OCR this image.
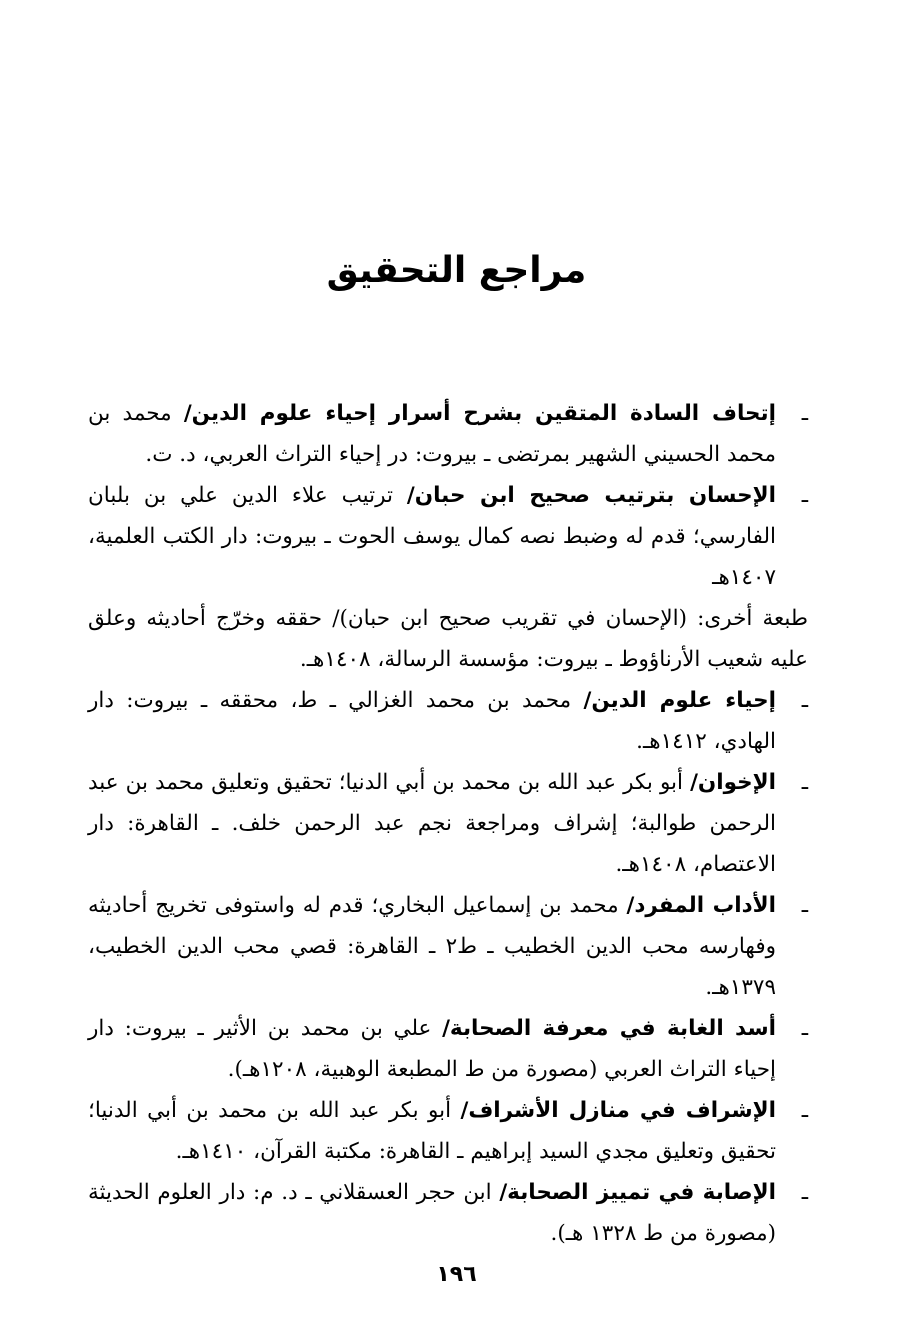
مراجع التحقيق

ـ
إتحاف السادة المتقين بشرح أسرار إحياء علوم الدين/ محمد بن محمد الحسيني الشهير بمرتضى ـ بيروت: در إحياء التراث العربي، د. ت.

ـ
الإحسان بترتيب صحيح ابن حبان/ ترتيب علاء الدين علي بن بلبان الفارسي؛ قدم له وضبط نصه كمال يوسف الحوت ـ بيروت: دار الكتب العلمية، ١٤٠٧هـ

طبعة أخرى: (الإحسان في تقريب صحيح ابن حبان)/ حققه وخرّج أحاديثه وعلق عليه شعيب الأرناؤوط ـ بيروت: مؤسسة الرسالة، ١٤٠٨هـ.

ـ
إحياء علوم الدين/ محمد بن محمد الغزالي ـ ط، محققه ـ بيروت: دار الهادي، ١٤١٢هـ.

ـ
الإخوان/ أبو بكر عبد الله بن محمد بن أبي الدنيا؛ تحقيق وتعليق محمد بن عبد الرحمن طوالبة؛ إشراف ومراجعة نجم عبد الرحمن خلف. ـ القاهرة: دار الاعتصام، ١٤٠٨هـ.

ـ
الأداب المفرد/ محمد بن إسماعيل البخاري؛ قدم له واستوفى تخريج أحاديثه وفهارسه محب الدين الخطيب ـ ط٢ ـ القاهرة: قصي محب الدين الخطيب، ١٣٧٩هـ.

ـ
أسد الغابة في معرفة الصحابة/ علي بن محمد بن الأثير ـ بيروت: دار إحياء التراث العربي (مصورة من ط المطبعة الوهبية، ١٢٠٨هـ).

ـ
الإشراف في منازل الأشراف/ أبو بكر عبد الله بن محمد بن أبي الدنيا؛ تحقيق وتعليق مجدي السيد إبراهيم ـ القاهرة: مكتبة القرآن، ١٤١٠هـ.

ـ
الإصابة في تمييز الصحابة/ ابن حجر العسقلاني ـ د. م: دار العلوم الحديثة (مصورة من ط ١٣٢٨ هـ).

١٩٦
